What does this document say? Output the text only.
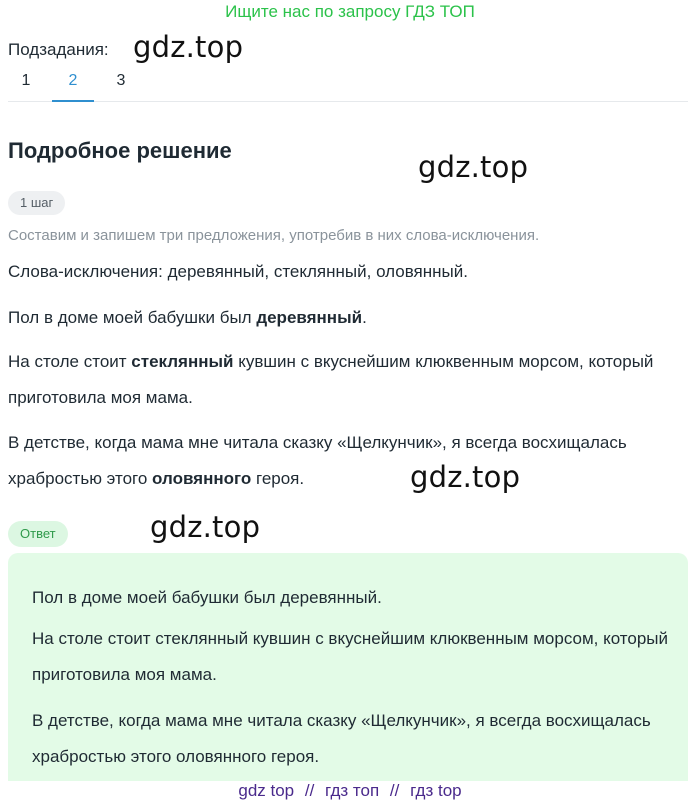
Ищите нас по запросу ГДЗ ТОП
Подзадания: gdz.top
1	2	3
Подробное решение	gdz.top
1 шаг
Составим и запишем три предложения, употребив в них слова-исключения.
Слова-исключения: деревянный, стеклянный, оловянный.
Пол в доме моей бабушки был деревянный.
На столе стоит стеклянный кувшин с вкуснейшим клюквенным морсом, который приготовила моя мама.
В детстве, когда мама мне читала сказку «Щелкунчик», я всегда восхищалась храбростью этого оловянного героя.	gdz.top
Ответ	gdz.top
Пол в доме моей бабушки был деревянный.
На столе стоит стеклянный кувшин с вкуснейшим клюквенным морсом, который приготовила моя мама.
В детстве, когда мама мне читала сказку «Щелкунчик», я всегда восхищалась храбростью этого оловянного героя.
gdz top // гдз топ // гдз top
